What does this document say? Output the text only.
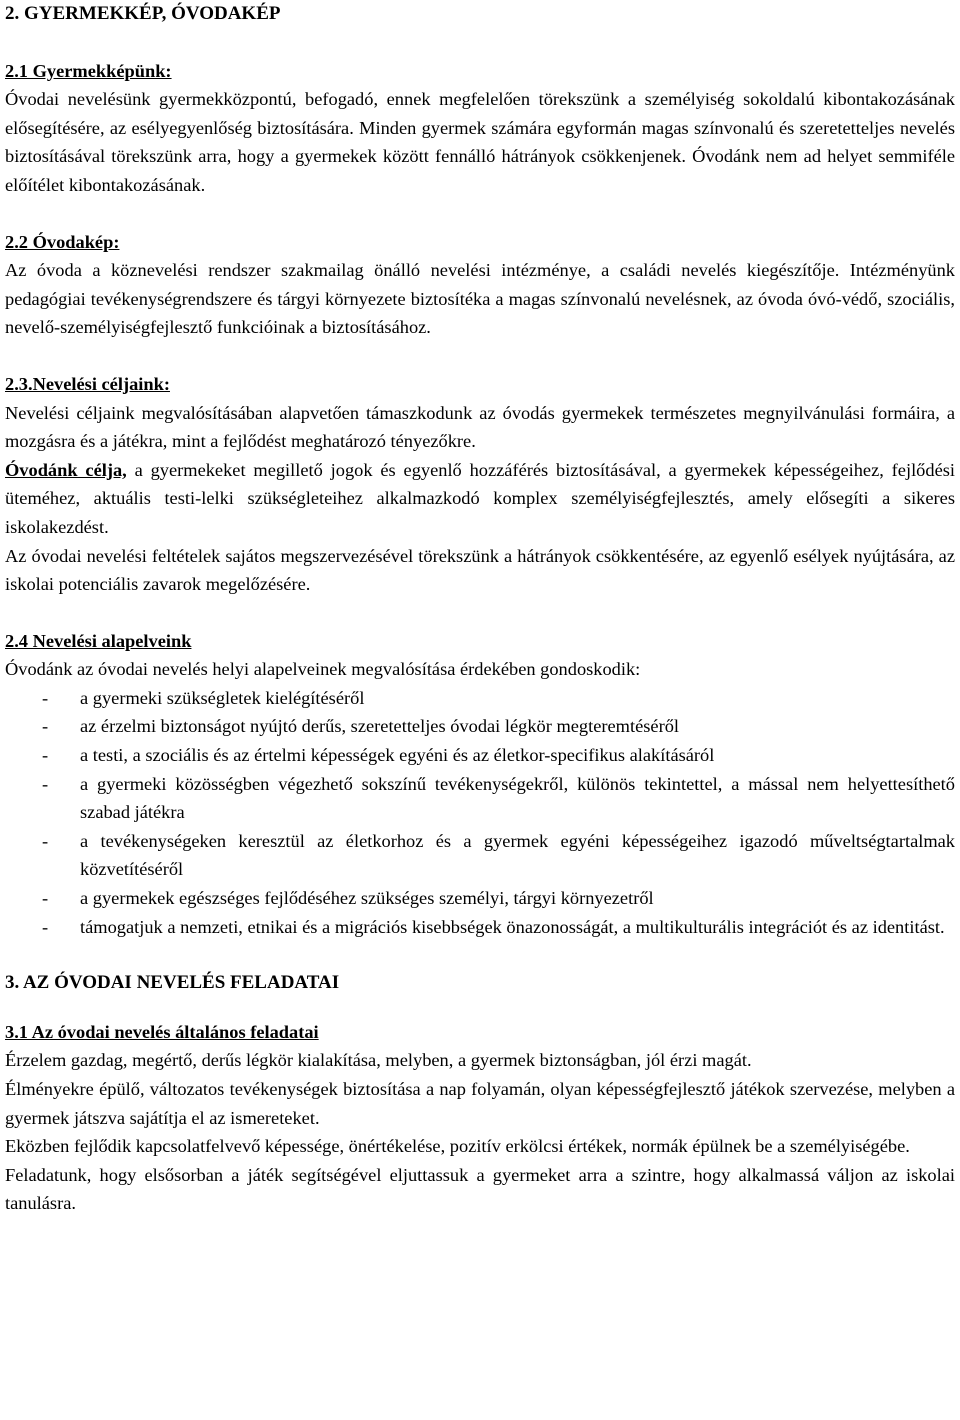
2. GYERMEKKÉP, ÓVODAKÉP
2.1 Gyermekképünk:

Óvodai nevelésünk gyermekközpontú, befogadó, ennek megfelelően törekszünk a személyiség sokoldalú kibontakozásának elősegítésére, az esélyegyenlőség biztosítására. Minden gyermek számára egyformán magas színvonalú és szeretetteljes nevelés biztosításával törekszünk arra, hogy a gyermekek között fennálló hátrányok csökkenjenek. Óvodánk nem ad helyet semmiféle előítélet kibontakozásának.

2.2 Óvodakép:

Az óvoda a köznevelési rendszer szakmailag önálló nevelési intézménye, a családi nevelés kiegészítője. Intézményünk pedagógiai tevékenységrendszere és tárgyi környezete biztosítéka a magas színvonalú nevelésnek, az óvoda óvó-védő, szociális, nevelő-személyiségfejlesztő funkcióinak a biztosításához.

2.3.Nevelési céljaink:

Nevelési céljaink megvalósításában alapvetően támaszkodunk az óvodás gyermekek természetes megnyilvánulási formáira, a mozgásra és a játékra, mint a fejlődést meghatározó tényezőkre.

Óvodánk célja, a gyermekeket megillető jogok és egyenlő hozzáférés biztosításával, a gyermekek képességeihez, fejlődési üteméhez, aktuális testi-lelki szükségleteihez alkalmazkodó komplex személyiségfejlesztés, amely elősegíti a sikeres iskolakezdést.

Az óvodai nevelési feltételek sajátos megszervezésével törekszünk a hátrányok csökkentésére, az egyenlő esélyek nyújtására, az iskolai potenciális zavarok megelőzésére.

2.4 Nevelési alapelveink

Óvodánk az óvodai nevelés helyi alapelveinek megvalósítása érdekében gondoskodik:

- a gyermeki szükségletek kielégítéséről
- az érzelmi biztonságot nyújtó derűs, szeretetteljes óvodai légkör megteremtéséről
- a testi, a szociális és az értelmi képességek egyéni és az életkor-specifikus alakításáról
- a gyermeki közösségben végezhető sokszínű tevékenységekről, különös tekintettel, a mással nem helyettesíthető szabad játékra
- a tevékenységeken keresztül az életkorhoz és a gyermek egyéni képességeihez igazodó műveltségtartalmak közvetítéséről
- a gyermekek egészséges fejlődéséhez szükséges személyi, tárgyi környezetről
- támogatjuk a nemzeti, etnikai és a migrációs kisebbségek önazonosságát, a multikulturális integrációt és az identitást.
3. AZ ÓVODAI NEVELÉS FELADATAI
3.1 Az óvodai nevelés általános feladatai

Érzelem gazdag, megértő, derűs légkör kialakítása, melyben, a gyermek biztonságban, jól érzi magát.

Élményekre épülő, változatos tevékenységek biztosítása a nap folyamán, olyan képességfejlesztő játékok szervezése, melyben a gyermek játszva sajátítja el az ismereteket.

Eközben fejlődik kapcsolatfelvevő képessége, önértékelése, pozitív erkölcsi értékek, normák épülnek be a személyiségébe.

Feladatunk, hogy elsősorban a játék segítségével eljuttassuk a gyermeket arra a szintre, hogy alkalmassá váljon az iskolai tanulásra.
